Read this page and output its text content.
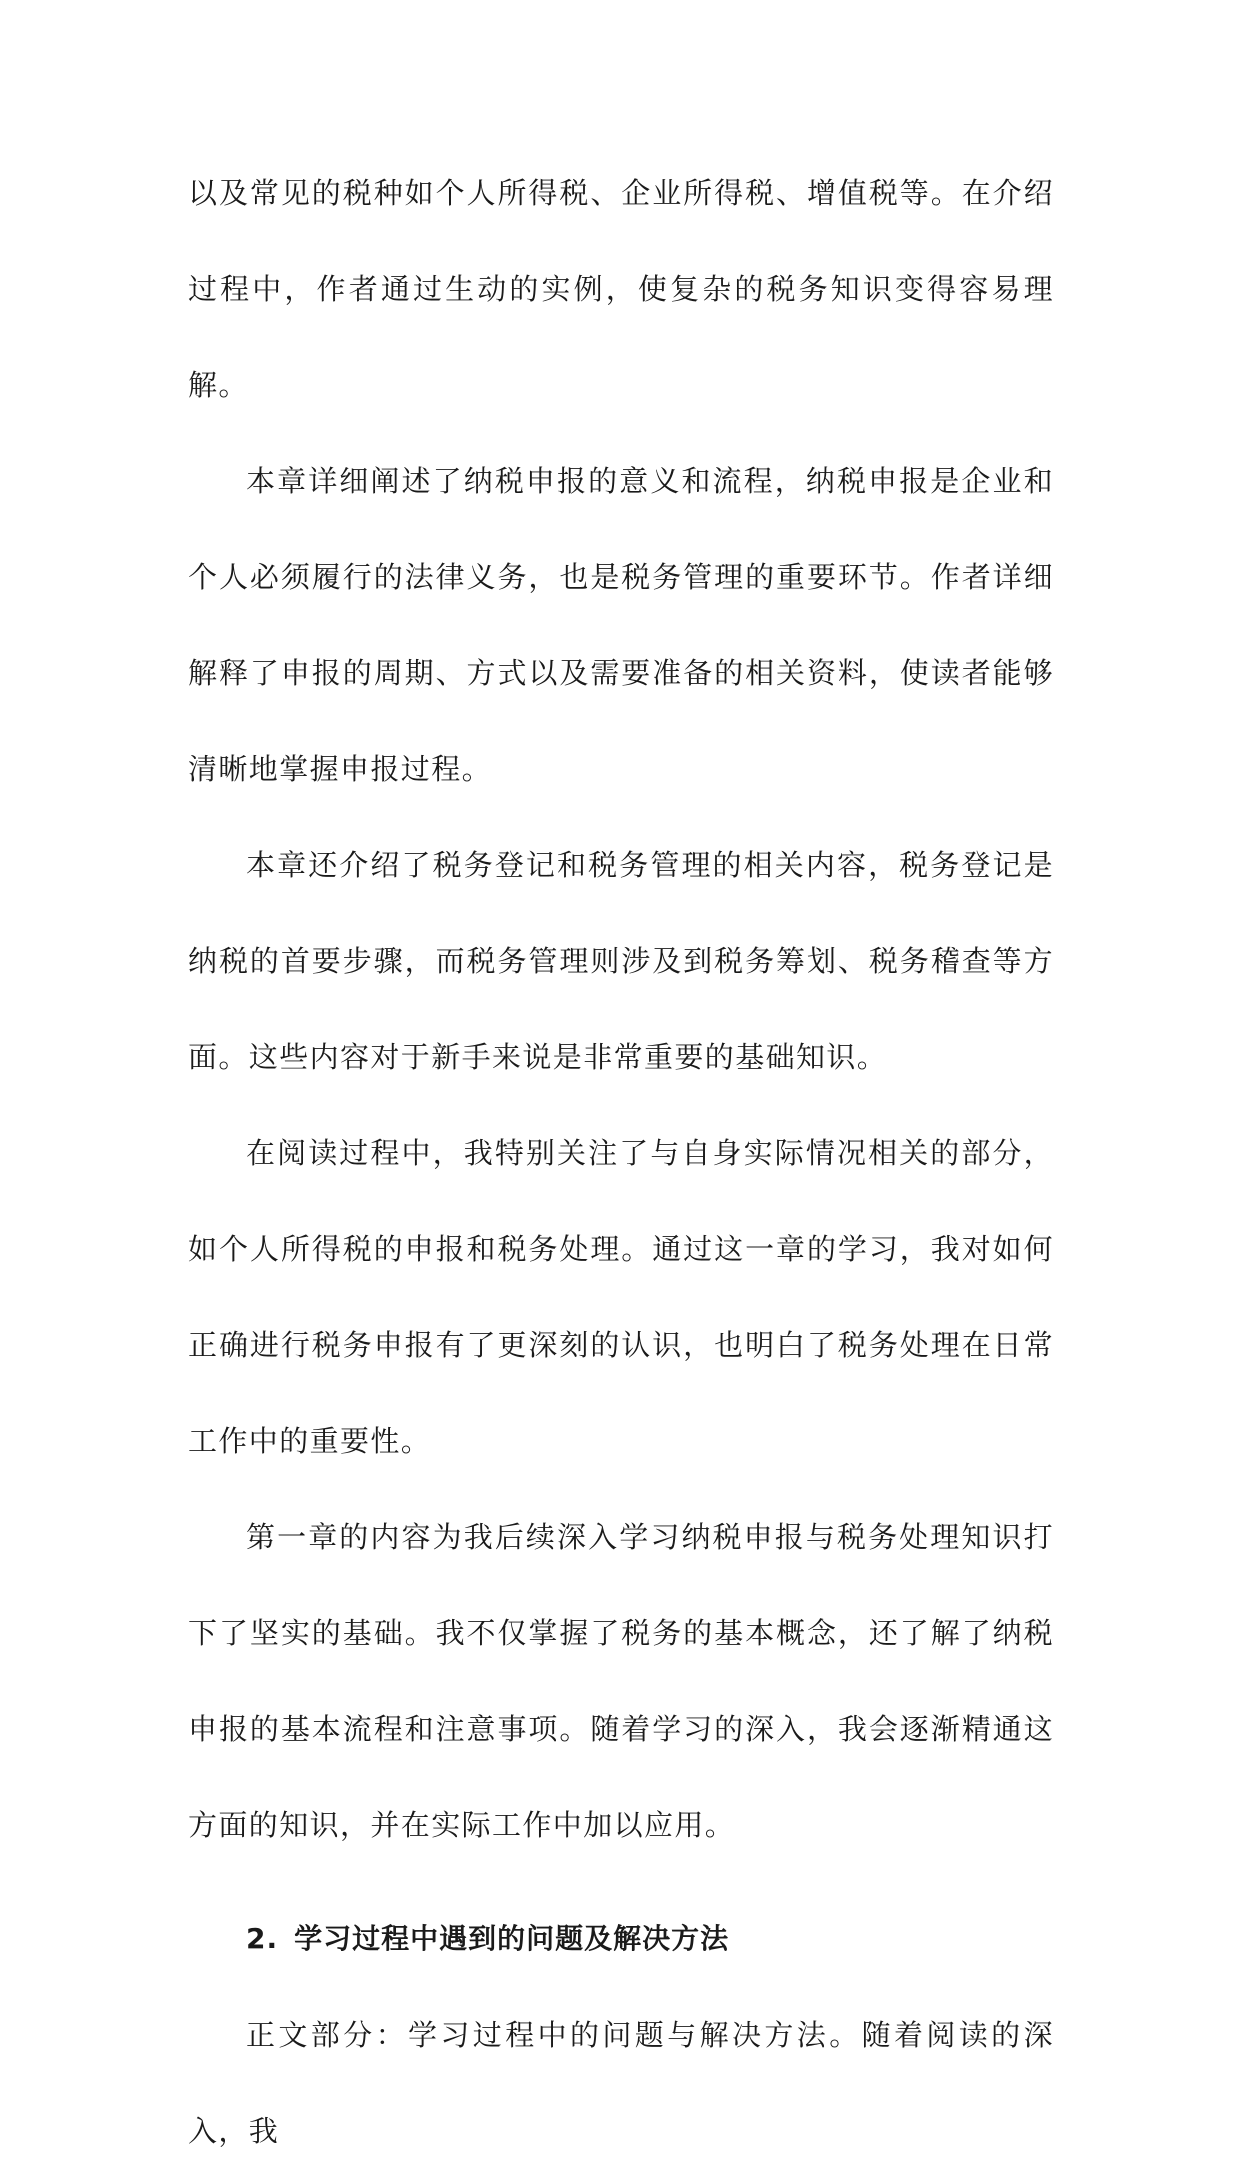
以及常见的税种如个人所得税、企业所得税、增值税等。在介绍过程中，作者通过生动的实例，使复杂的税务知识变得容易理解。

本章详细阐述了纳税申报的意义和流程，纳税申报是企业和个人必须履行的法律义务，也是税务管理的重要环节。作者详细解释了申报的周期、方式以及需要准备的相关资料，使读者能够清晰地掌握申报过程。

本章还介绍了税务登记和税务管理的相关内容，税务登记是纳税的首要步骤，而税务管理则涉及到税务筹划、税务稽查等方面。这些内容对于新手来说是非常重要的基础知识。

在阅读过程中，我特别关注了与自身实际情况相关的部分，如个人所得税的申报和税务处理。通过这一章的学习，我对如何正确进行税务申报有了更深刻的认识，也明白了税务处理在日常工作中的重要性。

第一章的内容为我后续深入学习纳税申报与税务处理知识打下了坚实的基础。我不仅掌握了税务的基本概念，还了解了纳税申报的基本流程和注意事项。随着学习的深入，我会逐渐精通这方面的知识，并在实际工作中加以应用。

2. 学习过程中遇到的问题及解决方法

正文部分：学习过程中的问题与解决方法。随着阅读的深入，我
